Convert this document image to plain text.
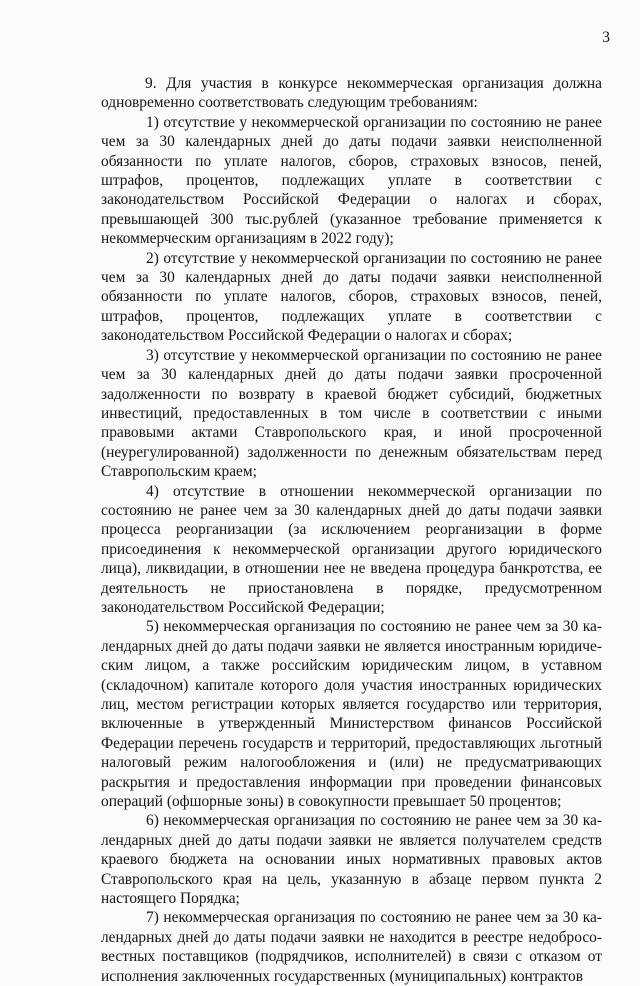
3

9. Для участия в конкурсе некоммерческая организация должна одновременно соответствовать следующим требованиям:

1) отсутствие у некоммерческой организации по состоянию не ранее чем за 30 календарных дней до даты подачи заявки неисполненной обязанности по уплате налогов, сборов, страховых взносов, пеней, штрафов, процентов, подлежащих уплате в соответствии с законодательством Российской Федерации о налогах и сборах, превышающей 300 тыс.рублей (указанное требование применяется к некоммерческим организациям в 2022 году);

2) отсутствие у некоммерческой организации по состоянию не ранее чем за 30 календарных дней до даты подачи заявки неисполненной обязанности по уплате налогов, сборов, страховых взносов, пеней, штрафов, процентов, подлежащих уплате в соответствии с законодательством Российской Федерации о налогах и сборах;

3) отсутствие у некоммерческой организации по состоянию не ранее чем за 30 календарных дней до даты подачи заявки просроченной задолженности по возврату в краевой бюджет субсидий, бюджетных инвестиций, предоставленных в том числе в соответствии с иными правовыми актами Ставропольского края, и иной просроченной (неурегулированной) задолженности по денежным обязательствам перед Ставропольским краем;

4) отсутствие в отношении некоммерческой организации по состоянию не ранее чем за 30 календарных дней до даты подачи заявки процесса реорганизации (за исключением реорганизации в форме присоединения к некоммерческой организации другого юридического лица), ликвидации, в отношении нее не введена процедура банкротства, ее деятельность не приостановлена в порядке, предусмотренном законодательством Российской Федерации;

5) некоммерческая организация по состоянию не ранее чем за 30 календарных дней до даты подачи заявки не является иностранным юридическим лицом, а также российским юридическим лицом, в уставном (складочном) капитале которого доля участия иностранных юридических лиц, местом регистрации которых является государство или территория, включенные в утвержденный Министерством финансов Российской Федерации перечень государств и территорий, предоставляющих льготный налоговый режим налогообложения и (или) не предусматривающих раскрытия и предоставления информации при проведении финансовых операций (офшорные зоны) в совокупности превышает 50 процентов;

6) некоммерческая организация по состоянию не ранее чем за 30 календарных дней до даты подачи заявки не является получателем средств краевого бюджета на основании иных нормативных правовых актов Ставропольского края на цель, указанную в абзаце первом пункта 2 настоящего Порядка;

7) некоммерческая организация по состоянию не ранее чем за 30 календарных дней до даты подачи заявки не находится в реестре недобросовестных поставщиков (подрядчиков, исполнителей) в связи с отказом от исполнения заключенных государственных (муниципальных) контрактов
